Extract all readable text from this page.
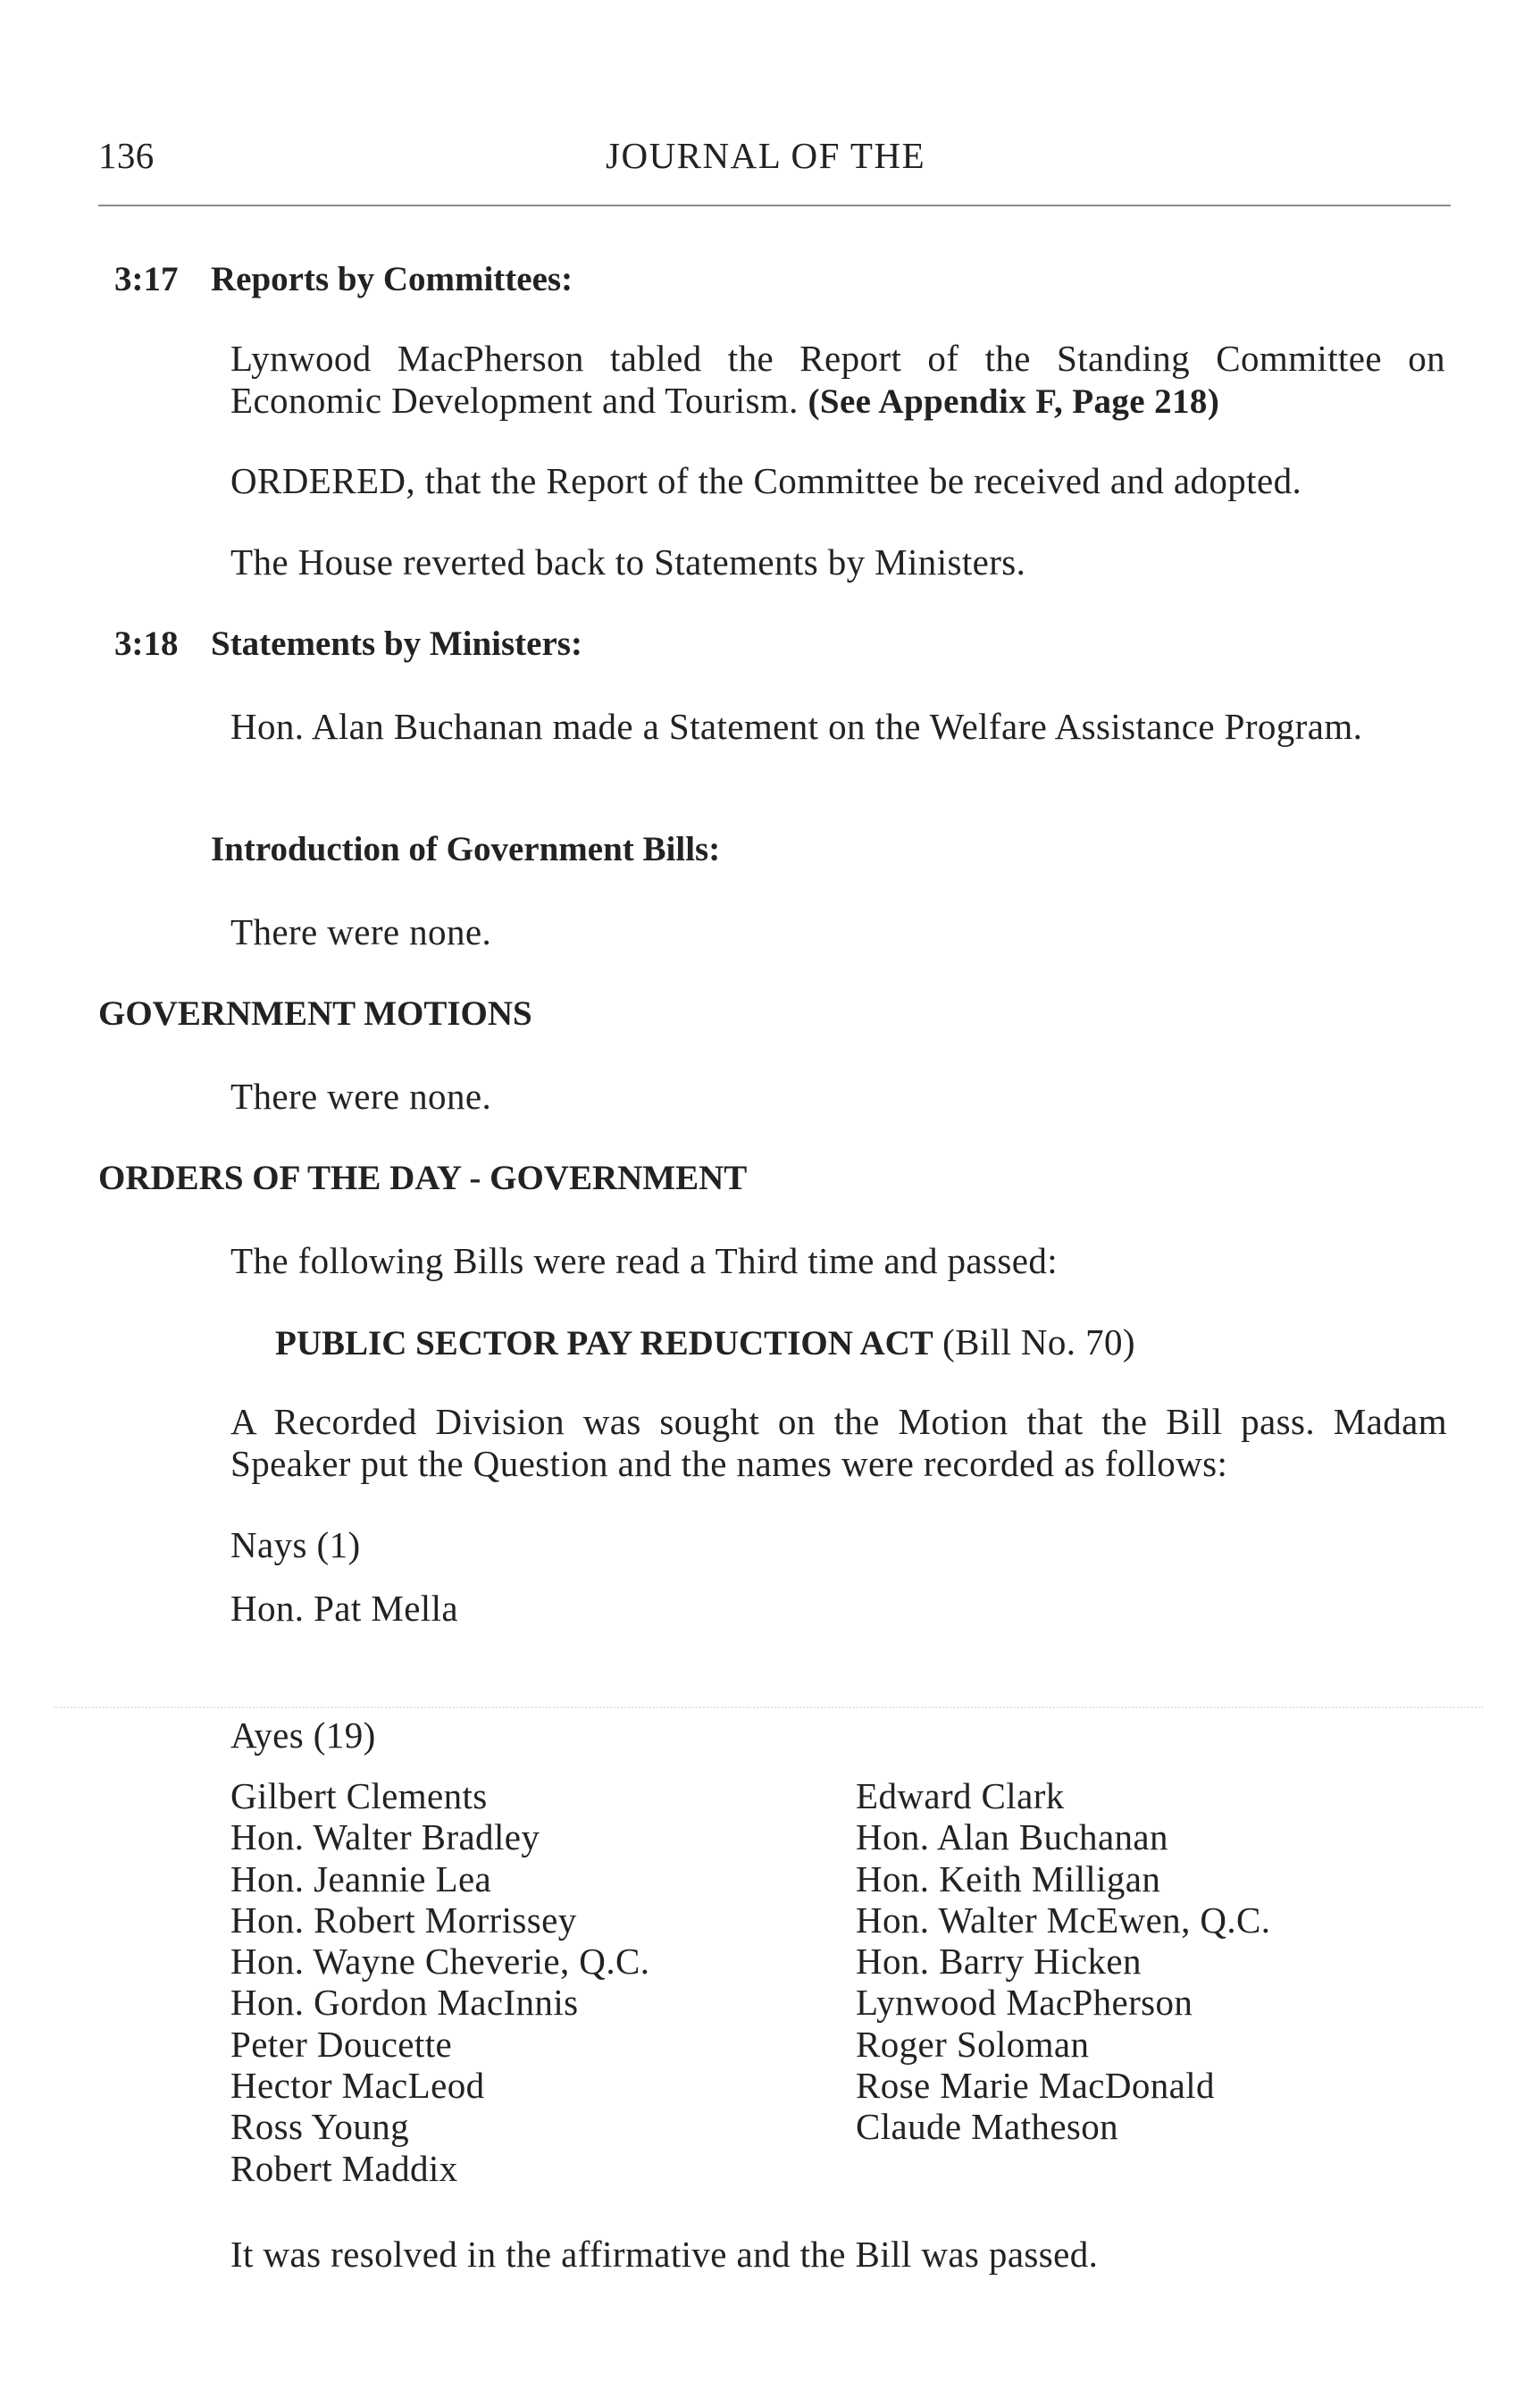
136	JOURNAL OF THE
3:17 Reports by Committees:
Lynwood MacPherson tabled the Report of the Standing Committee on Economic Development and Tourism. (See Appendix F, Page 218)
ORDERED, that the Report of the Committee be received and adopted.
The House reverted back to Statements by Ministers.
3:18 Statements by Ministers:
Hon. Alan Buchanan made a Statement on the Welfare Assistance Program.
Introduction of Government Bills:
There were none.
GOVERNMENT MOTIONS
There were none.
ORDERS OF THE DAY - GOVERNMENT
The following Bills were read a Third time and passed:
PUBLIC SECTOR PAY REDUCTION ACT (Bill No. 70)
A Recorded Division was sought on the Motion that the Bill pass. Madam Speaker put the Question and the names were recorded as follows:
Nays (1)
Hon. Pat Mella
Ayes (19)
Gilbert Clements
Hon. Walter Bradley
Hon. Jeannie Lea
Hon. Robert Morrissey
Hon. Wayne Cheverie, Q.C.
Hon. Gordon MacInnis
Peter Doucette
Hector MacLeod
Ross Young
Robert Maddix
Edward Clark
Hon. Alan Buchanan
Hon. Keith Milligan
Hon. Walter McEwen, Q.C.
Hon. Barry Hicken
Lynwood MacPherson
Roger Soloman
Rose Marie MacDonald
Claude Matheson
It was resolved in the affirmative and the Bill was passed.
